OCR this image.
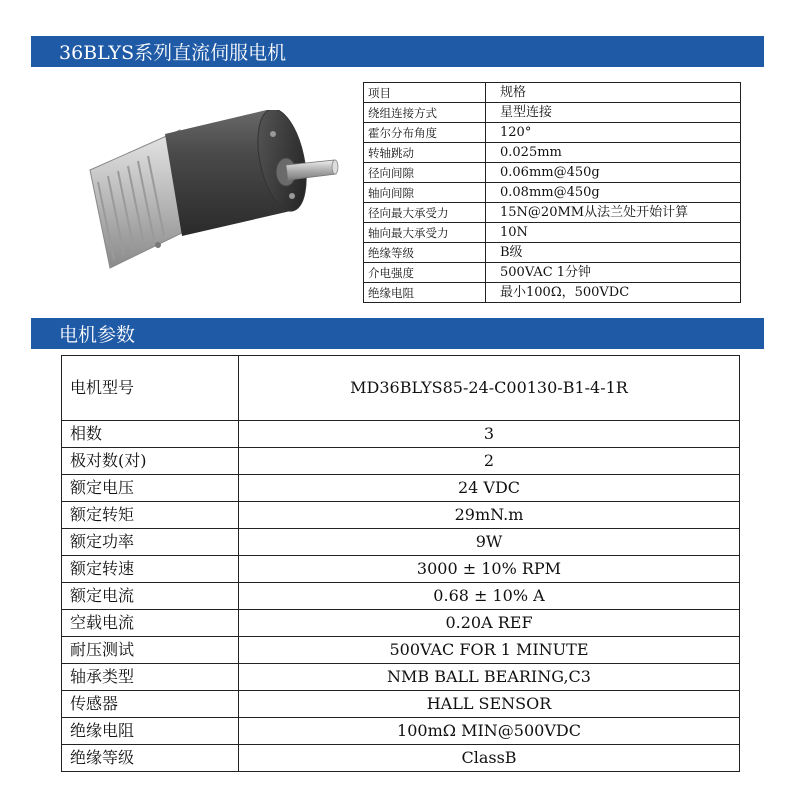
36BLYS系列直流伺服电机
项目	规格
绕组连接方式	星型连接
霍尔分布角度	120°
转轴跳动	0.025mm
径向间隙	0.06mm@450g
轴向间隙	0.08mm@450g
径向最大承受力	15N@20MM从法兰处开始计算
轴向最大承受力	10N
绝缘等级	B级
介电强度	500VAC 1分钟
绝缘电阻	最小100Ω，500VDC
电机参数
电机型号	MD36BLYS85-24-C00130-B1-4-1R
相数	3
极对数(对)	2
额定电压	24 VDC
额定转矩	29mN.m
额定功率	9W
额定转速	3000 ± 10% RPM
额定电流	0.68 ± 10% A
空载电流	0.20A REF
耐压测试	500VAC FOR 1 MINUTE
轴承类型	NMB BALL BEARING,C3
传感器	HALL SENSOR
绝缘电阻	100mΩ MIN@500VDC
绝缘等级	ClassB
